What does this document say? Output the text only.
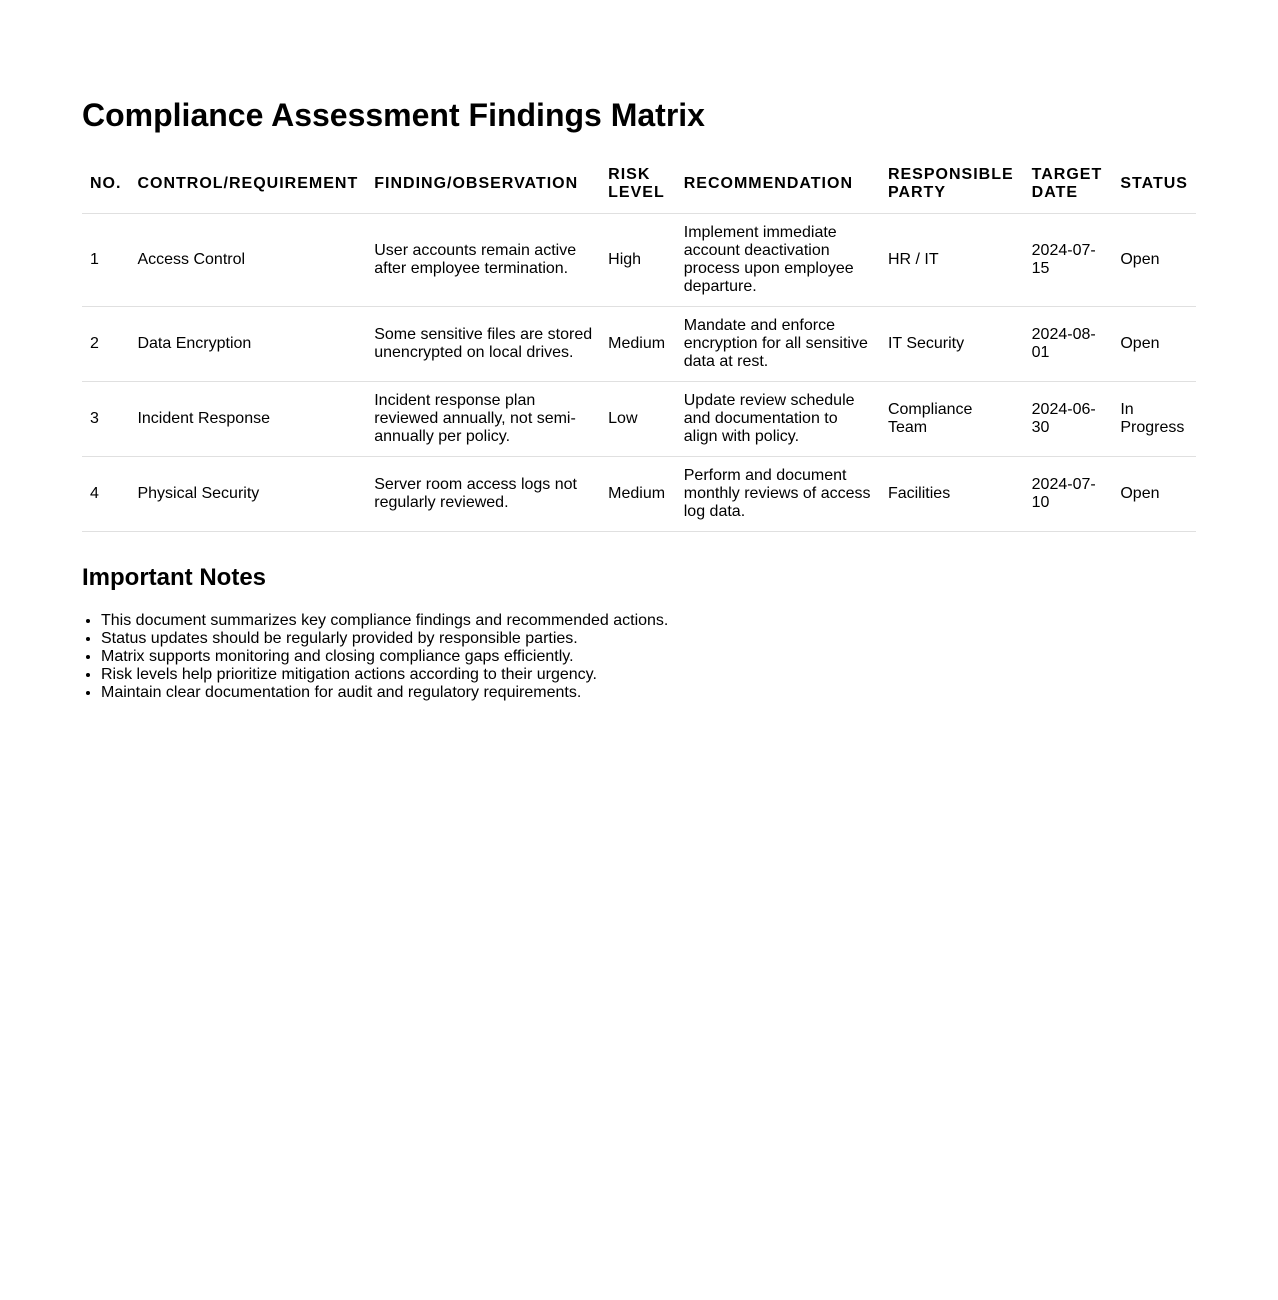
Compliance Assessment Findings Matrix
NO.	CONTROL/REQUIREMENT	FINDING/OBSERVATION	RISK LEVEL	RECOMMENDATION	RESPONSIBLE PARTY	TARGET DATE	STATUS
1	Access Control	User accounts remain active after employee termination.	High	Implement immediate account deactivation process upon employee departure.	HR / IT	2024-07-15	Open
2	Data Encryption	Some sensitive files are stored unencrypted on local drives.	Medium	Mandate and enforce encryption for all sensitive data at rest.	IT Security	2024-08-01	Open
3	Incident Response	Incident response plan reviewed annually, not semi-annually per policy.	Low	Update review schedule and documentation to align with policy.	Compliance Team	2024-06-30	In Progress
4	Physical Security	Server room access logs not regularly reviewed.	Medium	Perform and document monthly reviews of access log data.	Facilities	2024-07-10	Open
Important Notes
• This document summarizes key compliance findings and recommended actions.
• Status updates should be regularly provided by responsible parties.
• Matrix supports monitoring and closing compliance gaps efficiently.
• Risk levels help prioritize mitigation actions according to their urgency.
• Maintain clear documentation for audit and regulatory requirements.
